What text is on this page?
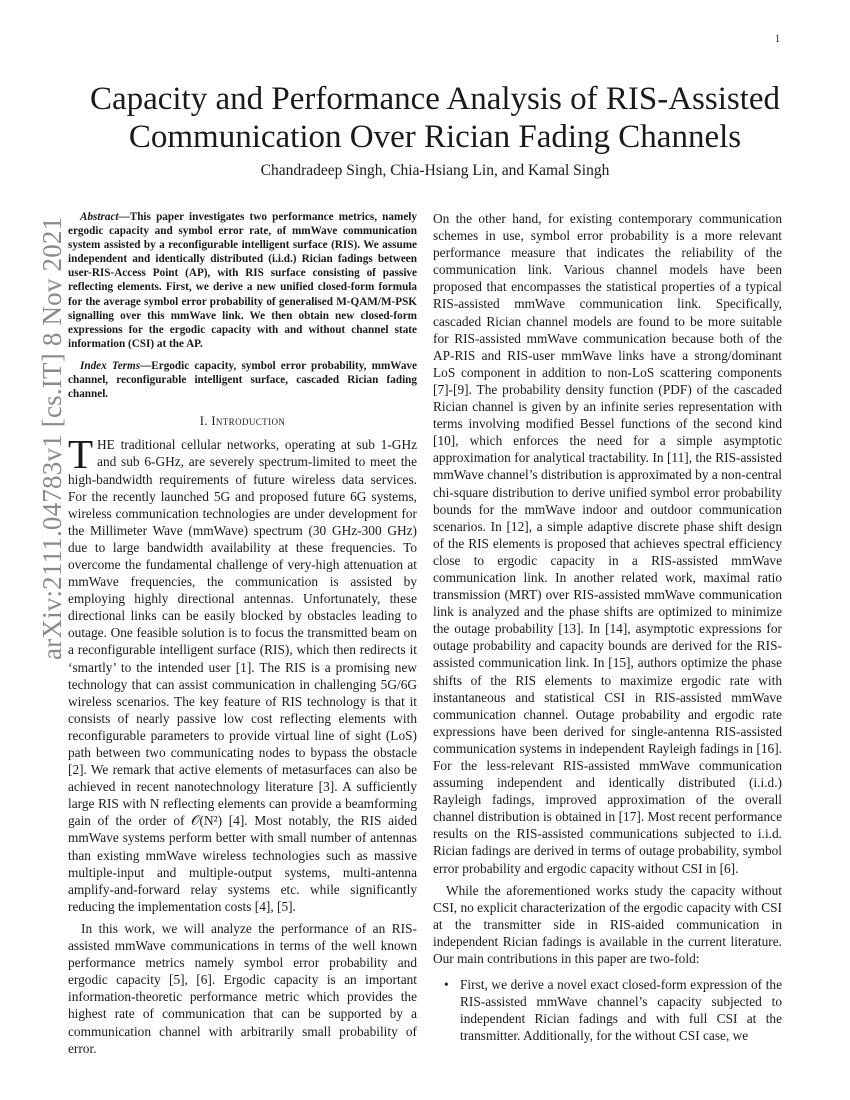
1
arXiv:2111.04783v1 [cs.IT] 8 Nov 2021
Capacity and Performance Analysis of RIS-Assisted
Communication Over Rician Fading Channels
Chandradeep Singh, Chia-Hsiang Lin, and Kamal Singh

Abstract—This paper investigates two performance metrics, namely ergodic capacity and symbol error rate, of mmWave communication system assisted by a reconfigurable intelligent surface (RIS). We assume independent and identically distributed (i.i.d.) Rician fadings between user-RIS-Access Point (AP), with RIS surface consisting of passive reflecting elements. First, we derive a new unified closed-form formula for the average symbol error probability of generalised M-QAM/M-PSK signalling over this mmWave link. We then obtain new closed-form expressions for the ergodic capacity with and without channel state information (CSI) at the AP.

Index Terms—Ergodic capacity, symbol error probability, mmWave channel, reconfigurable intelligent surface, cascaded Rician fading channel.

I. Introduction

THE traditional cellular networks, operating at sub 1-GHz and sub 6-GHz, are severely spectrum-limited to meet the high-bandwidth requirements of future wireless data services. For the recently launched 5G and proposed future 6G systems, wireless communication technologies are under development for the Millimeter Wave (mmWave) spectrum (30 GHz-300 GHz) due to large bandwidth availability at these frequencies. To overcome the fundamental challenge of very-high attenuation at mmWave frequencies, the communication is assisted by employing highly directional antennas. Unfortunately, these directional links can be easily blocked by obstacles leading to outage. One feasible solution is to focus the transmitted beam on a reconfigurable intelligent surface (RIS), which then redirects it ‘smartly’ to the intended user [1]. The RIS is a promising new technology that can assist communication in challenging 5G/6G wireless scenarios. The key feature of RIS technology is that it consists of nearly passive low cost reflecting elements with reconfigurable parameters to provide virtual line of sight (LoS) path between two communicating nodes to bypass the obstacle [2]. We remark that active elements of metasurfaces can also be achieved in recent nanotechnology literature [3]. A sufficiently large RIS with N reflecting elements can provide a beamforming gain of the order of 𝒪(N²) [4]. Most notably, the RIS aided mmWave systems perform better with small number of antennas than existing mmWave wireless technologies such as massive multiple-input and multiple-output systems, multi-antenna amplify-and-forward relay systems etc. while significantly reducing the implementation costs [4], [5].

In this work, we will analyze the performance of an RIS-assisted mmWave communications in terms of the well known performance metrics namely symbol error probability and ergodic capacity [5], [6]. Ergodic capacity is an important information-theoretic performance metric which provides the highest rate of communication that can be supported by a communication channel with arbitrarily small probability of error.

On the other hand, for existing contemporary communication schemes in use, symbol error probability is a more relevant performance measure that indicates the reliability of the communication link. Various channel models have been proposed that encompasses the statistical properties of a typical RIS-assisted mmWave communication link. Specifically, cascaded Rician channel models are found to be more suitable for RIS-assisted mmWave communication because both of the AP-RIS and RIS-user mmWave links have a strong/dominant LoS component in addition to non-LoS scattering components [7]-[9]. The probability density function (PDF) of the cascaded Rician channel is given by an infinite series representation with terms involving modified Bessel functions of the second kind [10], which enforces the need for a simple asymptotic approximation for analytical tractability. In [11], the RIS-assisted mmWave channel’s distribution is approximated by a non-central chi-square distribution to derive unified symbol error probability bounds for the mmWave indoor and outdoor communication scenarios. In [12], a simple adaptive discrete phase shift design of the RIS elements is proposed that achieves spectral efficiency close to ergodic capacity in a RIS-assisted mmWave communication link. In another related work, maximal ratio transmission (MRT) over RIS-assisted mmWave communication link is analyzed and the phase shifts are optimized to minimize the outage probability [13]. In [14], asymptotic expressions for outage probability and capacity bounds are derived for the RIS-assisted communication link. In [15], authors optimize the phase shifts of the RIS elements to maximize ergodic rate with instantaneous and statistical CSI in RIS-assisted mmWave communication channel. Outage probability and ergodic rate expressions have been derived for single-antenna RIS-assisted communication systems in independent Rayleigh fadings in [16]. For the less-relevant RIS-assisted mmWave communication assuming independent and identically distributed (i.i.d.) Rayleigh fadings, improved approximation of the overall channel distribution is obtained in [17]. Most recent performance results on the RIS-assisted communications subjected to i.i.d. Rician fadings are derived in terms of outage probability, symbol error probability and ergodic capacity without CSI in [6].

While the aforementioned works study the capacity without CSI, no explicit characterization of the ergodic capacity with CSI at the transmitter side in RIS-aided communication in independent Rician fadings is available in the current literature. Our main contributions in this paper are two-fold:

• First, we derive a novel exact closed-form expression of the RIS-assisted mmWave channel’s capacity subjected to independent Rician fadings and with full CSI at the transmitter. Additionally, for the without CSI case, we
